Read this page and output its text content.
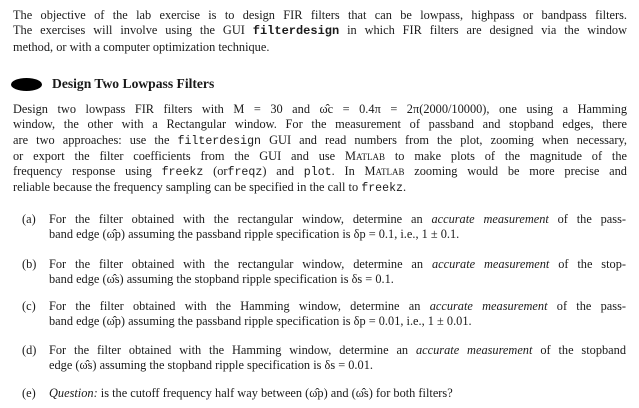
The objective of the lab exercise is to design FIR filters that can be lowpass, highpass or bandpass filters.
The exercises will involve using the GUI filterdesign in which FIR filters are designed via the window
method, or with a computer optimization technique.
Design Two Lowpass Filters
Design two lowpass FIR filters with M = 30 and ω̂c = 0.4π = 2π(2000/10000), one using a Hamming
window, the other with a Rectangular window. For the measurement of passband and stopband edges, there
are two approaches: use the filterdesign GUI and read numbers from the plot, zooming when necessary,
or export the filter coefficients from the GUI and use Matlab to make plots of the magnitude of the
frequency response using freekz (orfreqz) and plot. In Matlab zooming would be more precise and
reliable because the frequency sampling can be specified in the call to freekz.
(a)	For the filter obtained with the rectangular window, determine an accurate measurement of the pass-
band edge (ω̂p) assuming the passband ripple specification is δp = 0.1, i.e., 1 ± 0.1.
(b)	For the filter obtained with the rectangular window, determine an accurate measurement of the stop-
band edge (ω̂s) assuming the stopband ripple specification is δs = 0.1.
(c)	For the filter obtained with the Hamming window, determine an accurate measurement of the pass-
band edge (ω̂p) assuming the passband ripple specification is δp = 0.01, i.e., 1 ± 0.01.
(d)	For the filter obtained with the Hamming window, determine an accurate measurement of the stopband
edge (ω̂s) assuming the stopband ripple specification is δs = 0.01.
(e)	Question: is the cutoff frequency half way between (ω̂p) and (ω̂s) for both filters?
